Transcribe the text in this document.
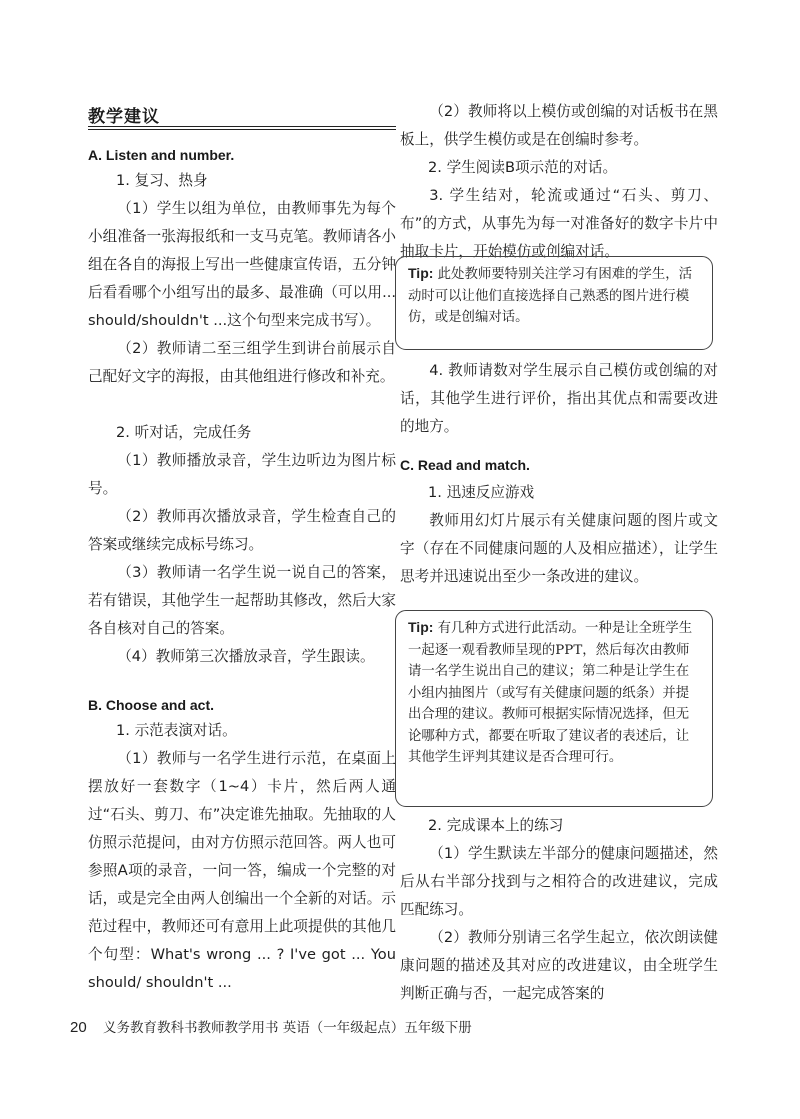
教学建议
A. Listen and number.
1. 复习、热身
（1）学生以组为单位，由教师事先为每个小组准备一张海报纸和一支马克笔。教师请各小组在各自的海报上写出一些健康宣传语，五分钟后看看哪个小组写出的最多、最准确（可以用... should/shouldn't ...这个句型来完成书写）。
（2）教师请二至三组学生到讲台前展示自己配好文字的海报，由其他组进行修改和补充。
2. 听对话，完成任务
（1）教师播放录音，学生边听边为图片标号。
（2）教师再次播放录音，学生检查自己的答案或继续完成标号练习。
（3）教师请一名学生说一说自己的答案，若有错误，其他学生一起帮助其修改，然后大家各自核对自己的答案。
（4）教师第三次播放录音，学生跟读。
B. Choose and act.
1. 示范表演对话。
（1）教师与一名学生进行示范，在桌面上摆放好一套数字（1~4）卡片，然后两人通过“石头、剪刀、布”决定谁先抽取。先抽取的人仿照示范提问，由对方仿照示范回答。两人也可参照A项的录音，一问一答，编成一个完整的对话，或是完全由两人创编出一个全新的对话。示范过程中，教师还可有意用上此项提供的其他几个句型：What's wrong ... ? I've got ... You should/ shouldn't ...
（2）教师将以上模仿或创编的对话板书在黑板上，供学生模仿或是在创编时参考。
2. 学生阅读B项示范的对话。
3. 学生结对，轮流或通过“石头、剪刀、布”的方式，从事先为每一对准备好的数字卡片中抽取卡片，开始模仿或创编对话。
Tip: 此处教师要特别关注学习有困难的学生，活动时可以让他们直接选择自己熟悉的图片进行模仿，或是创编对话。
4. 教师请数对学生展示自己模仿或创编的对话，其他学生进行评价，指出其优点和需要改进的地方。
C. Read and match.
1. 迅速反应游戏
教师用幻灯片展示有关健康问题的图片或文字（存在不同健康问题的人及相应描述），让学生思考并迅速说出至少一条改进的建议。
Tip: 有几种方式进行此活动。一种是让全班学生一起逐一观看教师呈现的PPT，然后每次由教师请一名学生说出自己的建议；第二种是让学生在小组内抽图片（或写有关健康问题的纸条）并提出合理的建议。教师可根据实际情况选择，但无论哪种方式，都要在听取了建议者的表述后，让其他学生评判其建议是否合理可行。
2. 完成课本上的练习
（1）学生默读左半部分的健康问题描述，然后从右半部分找到与之相符合的改进建议，完成匹配练习。
（2）教师分别请三名学生起立，依次朗读健康问题的描述及其对应的改进建议，由全班学生判断正确与否，一起完成答案的
20 义务教育教科书教师教学用书 英语（一年级起点）五年级下册
